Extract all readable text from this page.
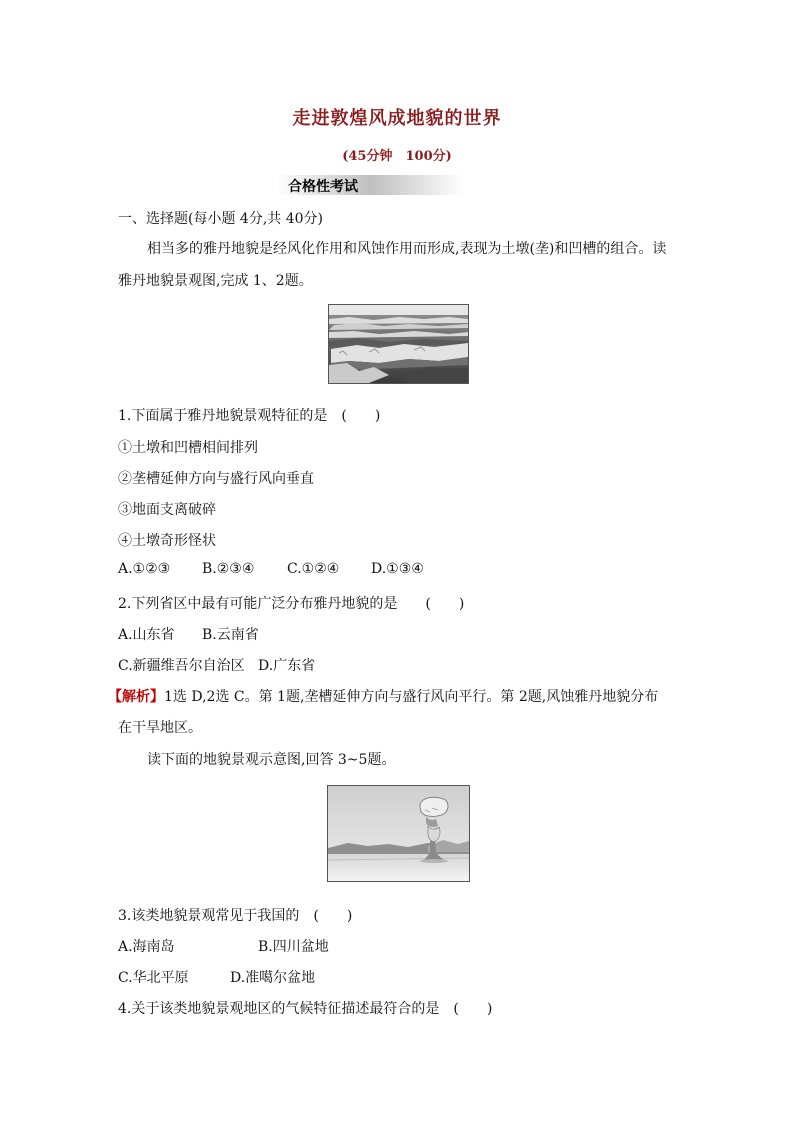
走进敦煌风成地貌的世界
(45分钟　100分)
合格性考试
一、选择题(每小题 4分,共 40分)
相当多的雅丹地貌是经风化作用和风蚀作用而形成,表现为土墩(垄)和凹槽的组合。读
雅丹地貌景观图,完成 1、2题。
1.下面属于雅丹地貌景观特征的是　(　　)
①土墩和凹槽相间排列
②垄槽延伸方向与盛行风向垂直
③地面支离破碎
④土墩奇形怪状
A.①②③ B.②③④ C.①②④ D.①③④
2.下列省区中最有可能广泛分布雅丹地貌的是　　(　　)
A.山东省 B.云南省
C.新疆维吾尔自治区 D.广东省
【解析】1选 D,2选 C。第 1题,垄槽延伸方向与盛行风向平行。第 2题,风蚀雅丹地貌分布
在干旱地区。
读下面的地貌景观示意图,回答 3~5题。
3.该类地貌景观常见于我国的　(　　)
A.海南岛	B.四川盆地
C.华北平原	D.准噶尔盆地
4.关于该类地貌景观地区的气候特征描述最符合的是　(　　)
